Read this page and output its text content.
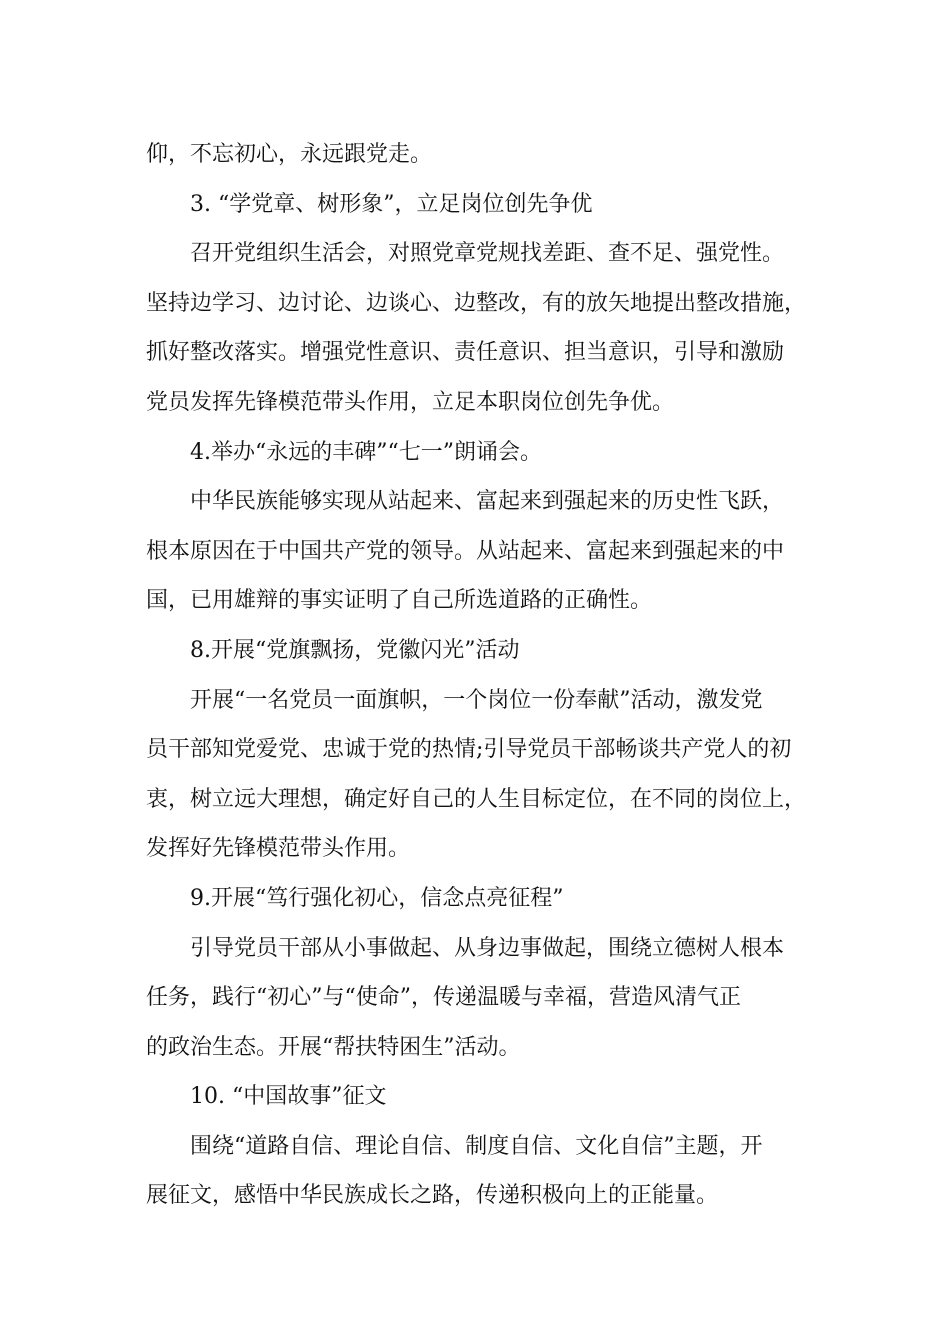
仰，不忘初心，永远跟党走。
3. “学党章、树形象”，立足岗位创先争优
召开党组织生活会，对照党章党规找差距、查不足、强党性。
坚持边学习、边讨论、边谈心、边整改，有的放矢地提出整改措施，
抓好整改落实。增强党性意识、责任意识、担当意识，引导和激励
党员发挥先锋模范带头作用，立足本职岗位创先争优。
4.举办“永远的丰碑”“七一”朗诵会。
中华民族能够实现从站起来、富起来到强起来的历史性飞跃，
根本原因在于中国共产党的领导。从站起来、富起来到强起来的中
国，已用雄辩的事实证明了自己所选道路的正确性。
8.开展“党旗飘扬，党徽闪光”活动
开展“一名党员一面旗帜，一个岗位一份奉献”活动，激发党
员干部知党爱党、忠诚于党的热情;引导党员干部畅谈共产党人的初
衷，树立远大理想，确定好自己的人生目标定位，在不同的岗位上，
发挥好先锋模范带头作用。
9.开展“笃行强化初心，信念点亮征程”
引导党员干部从小事做起、从身边事做起，围绕立德树人根本
任务，践行“初心”与“使命”，传递温暖与幸福，营造风清气正
的政治生态。开展“帮扶特困生”活动。
10. “中国故事”征文
围绕“道路自信、理论自信、制度自信、文化自信”主题，开
展征文，感悟中华民族成长之路，传递积极向上的正能量。
